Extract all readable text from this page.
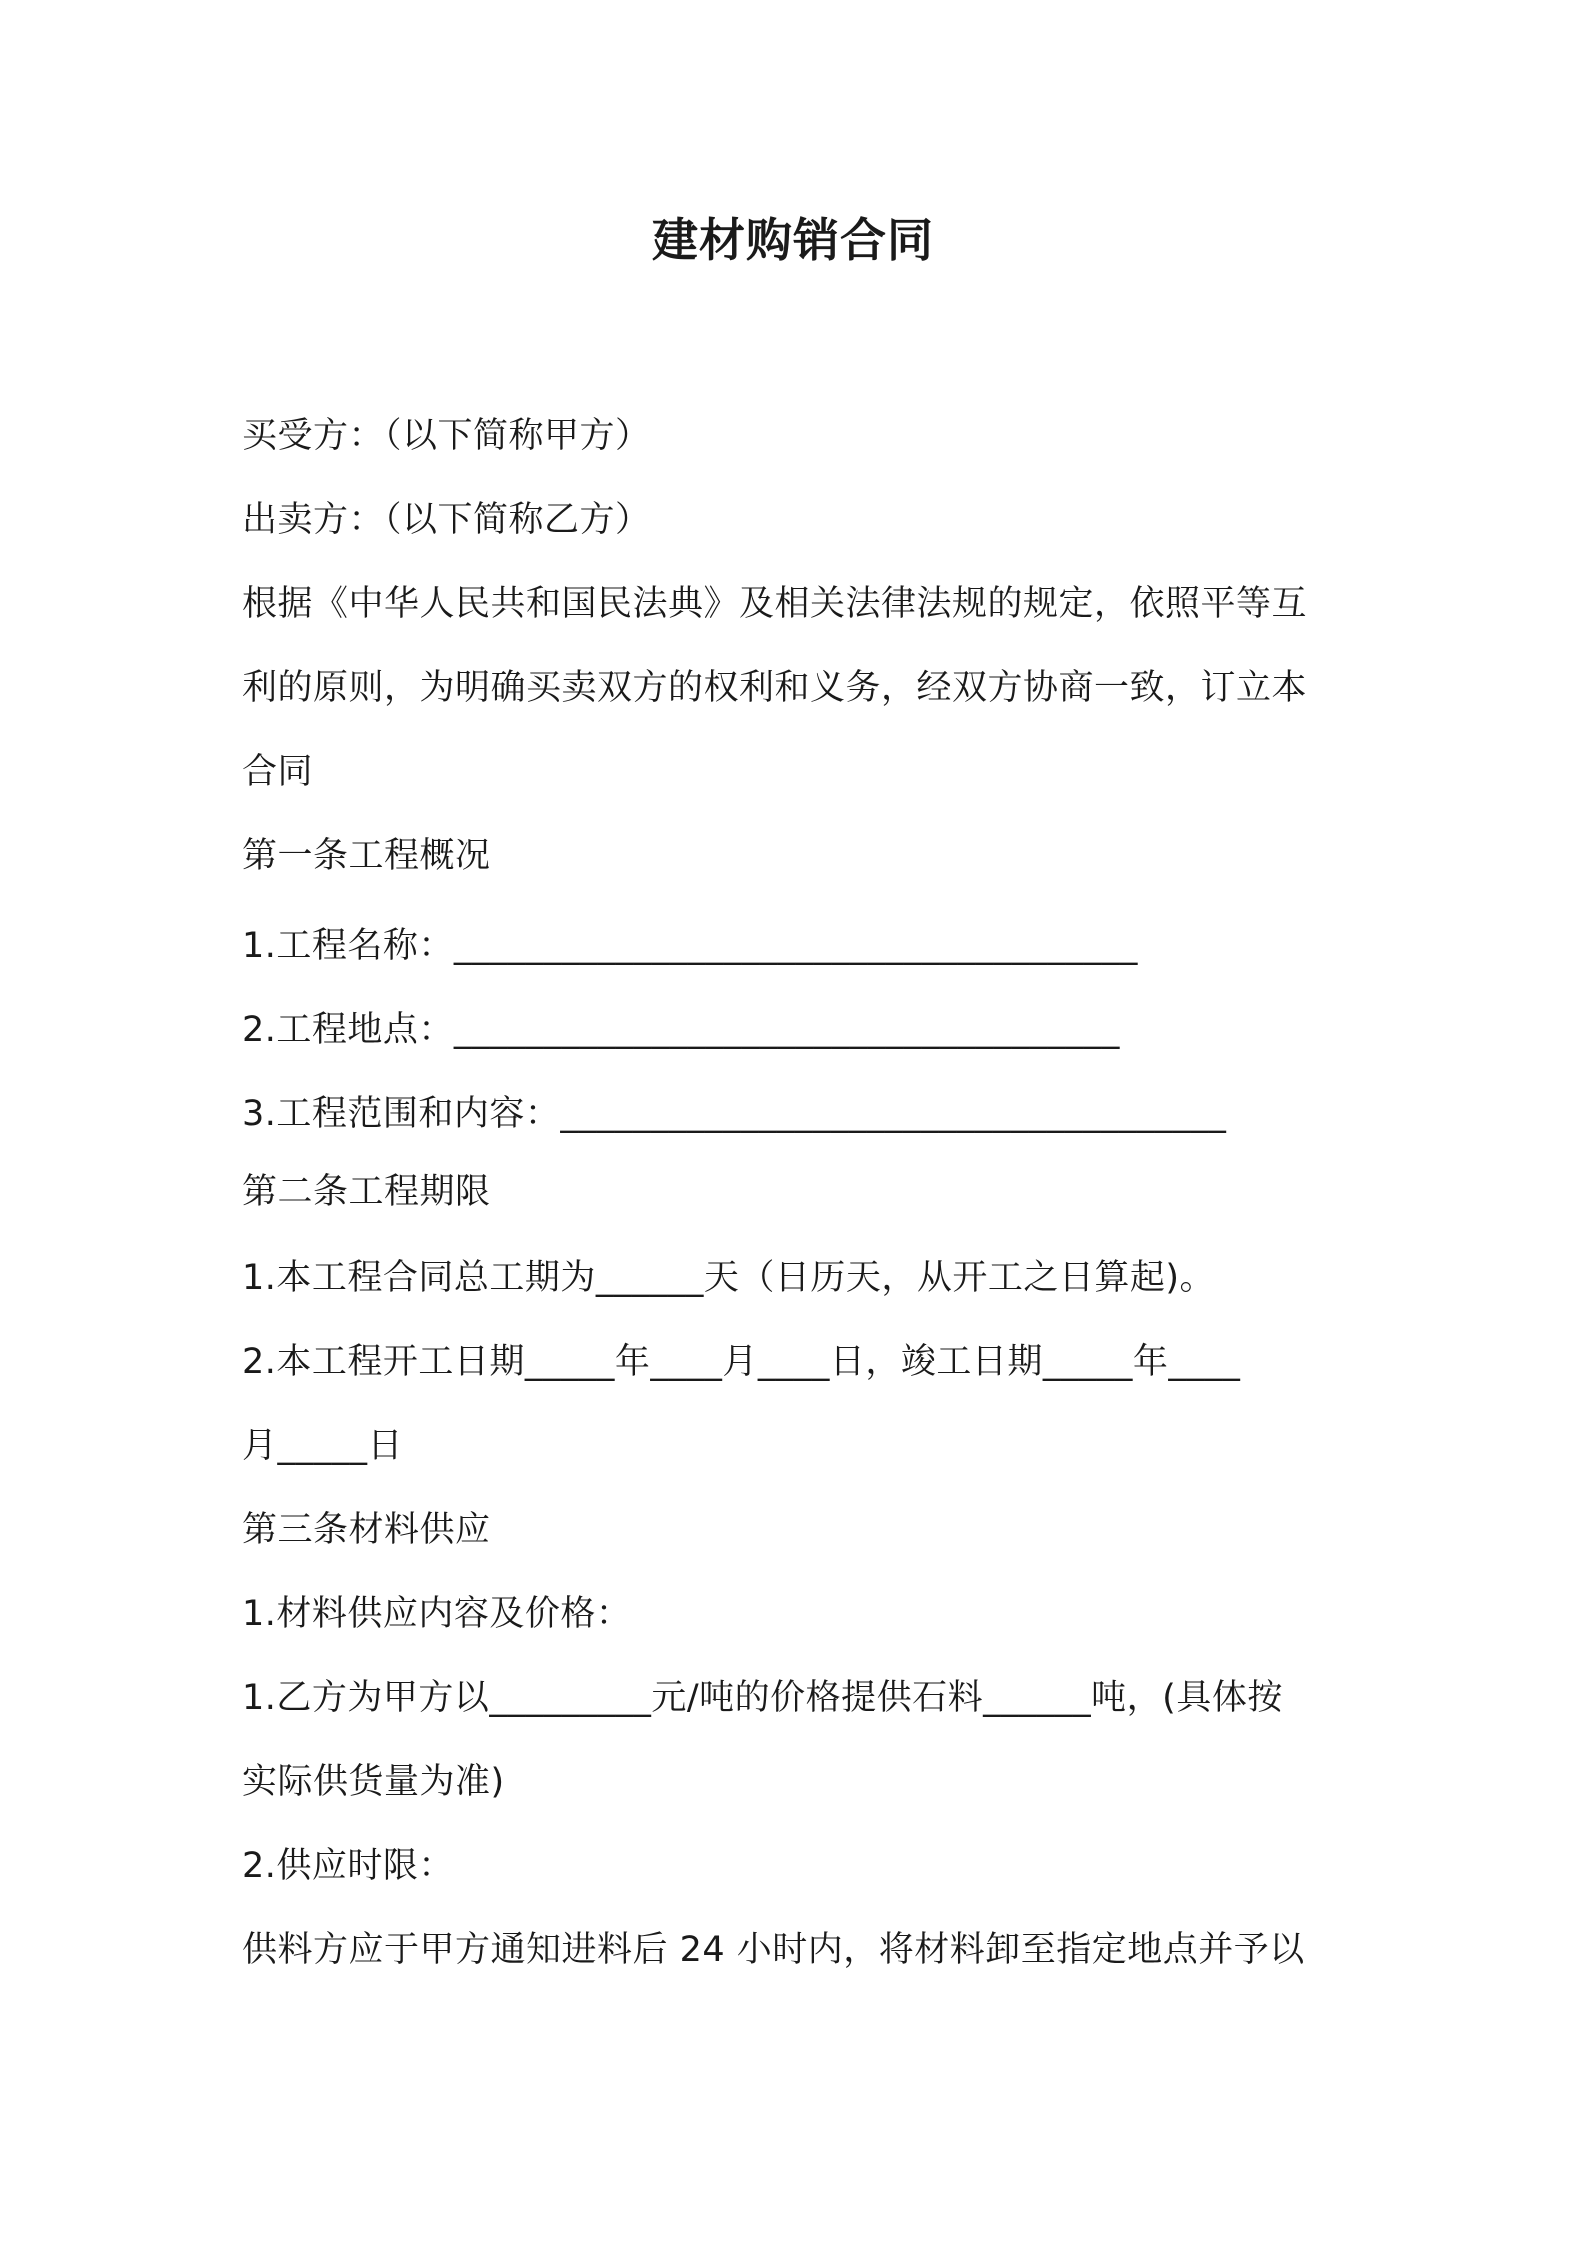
建材购销合同
买受方：（以下简称甲方）
出卖方：（以下简称乙方）
根据《中华人民共和国民法典》及相关法律法规的规定，依照平等互
利的原则，为明确买卖双方的权利和义务，经双方协商一致，订立本
合同
第一条工程概况
1.工程名称：______________________________________
2.工程地点：_____________________________________
3.工程范围和内容：_____________________________________
第二条工程期限
1.本工程合同总工期为______天（日历天，从开工之日算起)。
2.本工程开工日期_____年____月____日，竣工日期_____年____
月_____日
第三条材料供应
1.材料供应内容及价格：
1.乙方为甲方以_________元/吨的价格提供石料______吨，(具体按
实际供货量为准)
2.供应时限：
供料方应于甲方通知进料后 24 小时内，将材料卸至指定地点并予以
